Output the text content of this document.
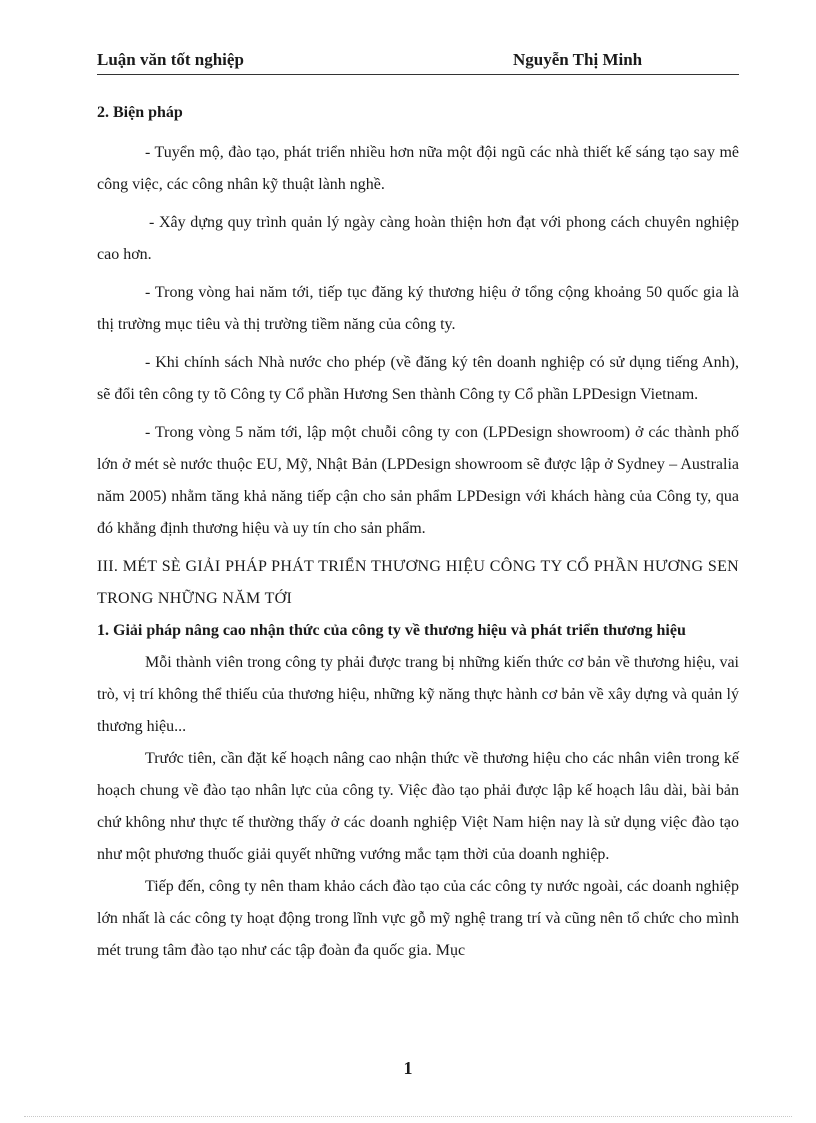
Luận văn tốt nghiệp	Nguyễn Thị Minh

2. Biện pháp

- Tuyển mộ, đào tạo, phát triển nhiều hơn nữa một đội ngũ các nhà thiết kế sáng tạo say mê công việc, các công nhân kỹ thuật lành nghề.

- Xây dựng quy trình quản lý ngày càng hoàn thiện hơn đạt với phong cách chuyên nghiệp cao hơn.

- Trong vòng hai năm tới, tiếp tục đăng ký thương hiệu ở tổng cộng khoảng 50 quốc gia là thị trường mục tiêu và thị trường tiềm năng của công ty.

- Khi chính sách Nhà nước cho phép (về đăng ký tên doanh nghiệp có sử dụng tiếng Anh), sẽ đổi tên công ty tõ Công ty Cổ phần Hương Sen thành Công ty Cổ phần LPDesign Vietnam.

- Trong vòng 5 năm tới, lập một chuỗi công ty con (LPDesign showroom) ở các thành phố lớn ở mét sè nước thuộc EU, Mỹ, Nhật Bản (LPDesign showroom sẽ được lập ở Sydney – Australia năm 2005) nhằm tăng khả năng tiếp cận cho sản phẩm LPDesign với khách hàng của Công ty, qua đó khẳng định thương hiệu và uy tín cho sản phẩm.

III. MÉT SÈ GIẢI PHÁP PHÁT TRIỂN THƯƠNG HIỆU CÔNG TY CỔ PHẦN HƯƠNG SEN TRONG NHỮNG NĂM TỚI

1. Giải pháp nâng cao nhận thức của công ty về thương hiệu và phát triển thương hiệu

Mỗi thành viên trong công ty phải được trang bị những kiến thức cơ bản về thương hiệu, vai trò, vị trí không thể thiếu của thương hiệu, những kỹ năng thực hành cơ bản về xây dựng và quản lý thương hiệu...

Trước tiên, cần đặt kế hoạch nâng cao nhận thức về thương hiệu cho các nhân viên trong kế hoạch chung về đào tạo nhân lực của công ty. Việc đào tạo phải được lập kế hoạch lâu dài, bài bản chứ không như thực tế thường thấy ở các doanh nghiệp Việt Nam hiện nay là sử dụng việc đào tạo như một phương thuốc giải quyết những vướng mắc tạm thời của doanh nghiệp.

Tiếp đến, công ty nên tham khảo cách đào tạo của các công ty nước ngoài, các doanh nghiệp lớn nhất là các công ty hoạt động trong lĩnh vực gỗ mỹ nghệ trang trí và cũng nên tổ chức cho mình mét trung tâm đào tạo như các tập đoàn đa quốc gia. Mục

1
